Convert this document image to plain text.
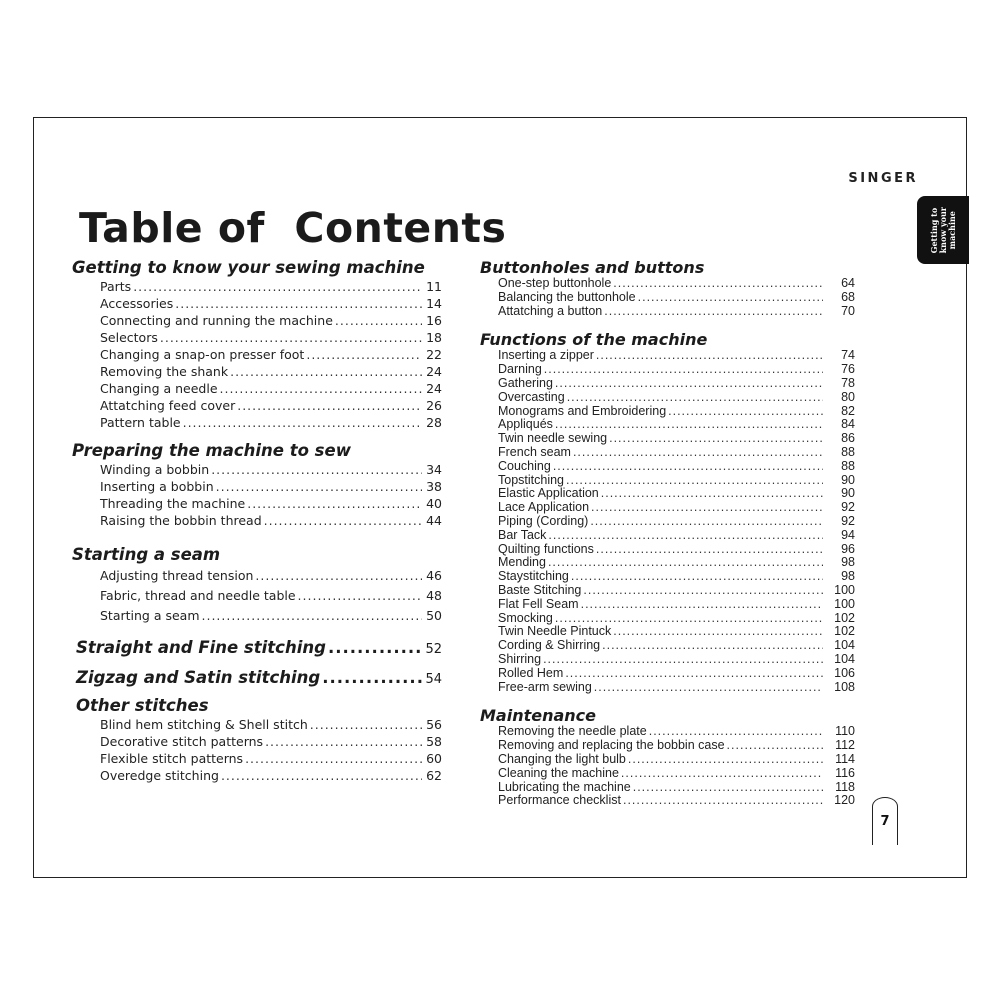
SINGER
Getting to
know your
machine
Table of  Contents
Getting to know your sewing machine
Parts .....	11
Accessories .....	14
Connecting and running the machine .....	16
Selectors .....	18
Changing a snap-on presser foot .....	22
Removing the shank .....	24
Changing a needle .....	24
Attatching feed cover .....	26
Pattern table .....	28
Preparing the machine to sew
Winding a bobbin .....	34
Inserting a bobbin .....	38
Threading the machine .....	40
Raising the bobbin thread .....	44
Starting a seam
Adjusting thread tension .....	46
Fabric, thread and needle table .....	48
Starting a seam .....	50
Straight and Fine stitching .....	52
Zigzag and Satin stitching .....	54
Other stitches
Blind hem stitching & Shell stitch .....	56
Decorative stitch patterns .....	58
Flexible stitch patterns .....	60
Overedge stitching .....	62
Buttonholes and buttons
One-step buttonhole .....	64
Balancing the buttonhole .....	68
Attatching a button .....	70
Functions of the machine
Inserting a zipper .....	74
Darning .....	76
Gathering .....	78
Overcasting .....	80
Monograms and Embroidering .....	82
Appliqués .....	84
Twin needle sewing .....	86
French seam .....	88
Couching .....	88
Topstitching .....	90
Elastic Application .....	90
Lace Application .....	92
Piping (Cording) .....	92
Bar Tack .....	94
Quilting functions .....	96
Mending .....	98
Staystitching .....	98
Baste Stitching .....	100
Flat Fell Seam .....	100
Smocking .....	102
Twin Needle Pintuck .....	102
Cording & Shirring .....	104
Shirring .....	104
Rolled Hem .....	106
Free-arm sewing .....	108
Maintenance
Removing the needle plate .....	110
Removing and replacing the bobbin case .....	112
Changing the light bulb .....	114
Cleaning the machine .....	116
Lubricating the machine .....	118
Performance checklist .....	120
7
